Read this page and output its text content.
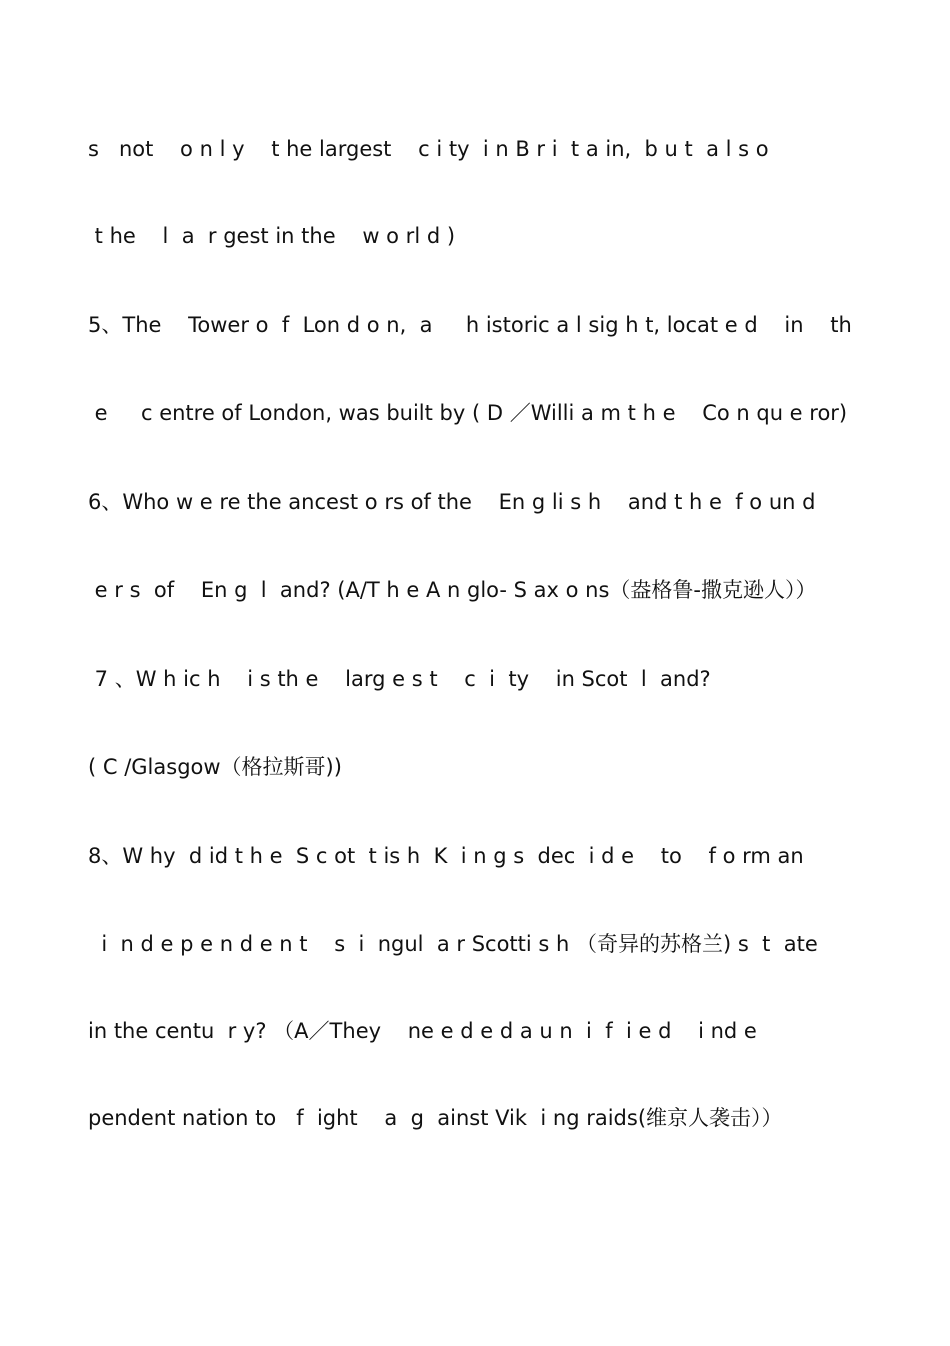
s   not    o n l y    t he largest    c i ty  i n B r i  t a in,  b u t  a l s o
t he    l  a  r gest in the    w o rl d )
5、The    Tower o  f  Lon d o n,  a     h istoric a l sig h t, locat e d    in    th
e     c entre of London, was built by ( D ／Willi a m t h e    Co n qu e ror)
6、Who w e re the ancest o rs of the    En g li s h    and t h e  f o un d
e r s  of    En g  l  and? (A/T h e A n glo- S ax o ns（盎格鲁-撒克逊人））
7 、W h ic h    i s th e    larg e s t    c  i  ty    in Scot  l  and?
( C /Glasgow（格拉斯哥))
8、W hy  d id t h e  S c ot  t is h  K  i n g s  dec  i d e    to    f o rm an
i  n d e p e n d e n t    s  i  ngul  a r Scotti s h （奇异的苏格兰) s  t  ate
in the centu  r y? （A／They    ne e d e d a u n  i  f  i e d    i nd e
pendent nation to   f  ight    a  g  ainst Vik  i ng raids(维京人袭击））
